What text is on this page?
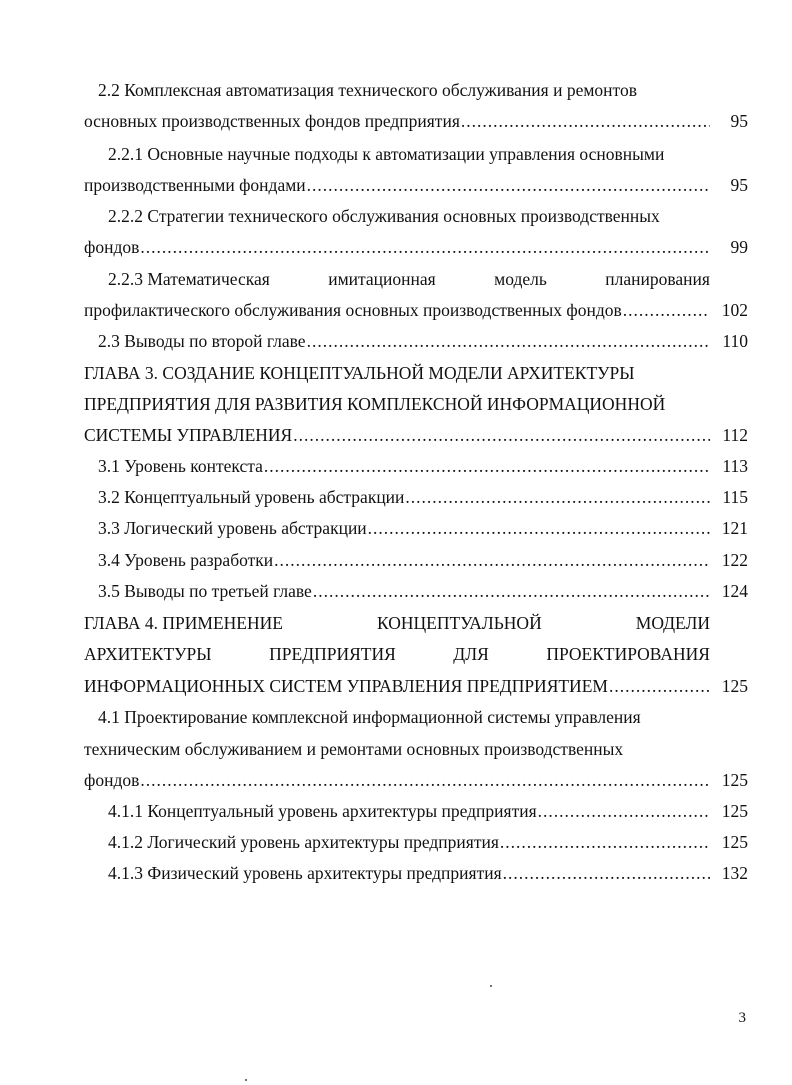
2.2 Комплексная автоматизация технического обслуживания и ремонтов
основных производственных фондов предприятия .....	95
2.2.1 Основные научные подходы к автоматизации управления основными
производственными фондами .....	95
2.2.2 Стратегии технического обслуживания основных производственных
фондов .....	99
2.2.3 Математическая	имитационная	модель	планирования
профилактического обслуживания основных производственных фондов .....	102
2.3 Выводы по второй главе .....	110
ГЛАВА 3. СОЗДАНИЕ КОНЦЕПТУАЛЬНОЙ МОДЕЛИ АРХИТЕКТУРЫ
ПРЕДПРИЯТИЯ ДЛЯ РАЗВИТИЯ КОМПЛЕКСНОЙ ИНФОРМАЦИОННОЙ
СИСТЕМЫ УПРАВЛЕНИЯ .....	112
3.1 Уровень контекста .....	113
3.2 Концептуальный уровень абстракции .....	115
3.3 Логический уровень абстракции .....	121
3.4 Уровень разработки .....	122
3.5 Выводы по третьей главе .....	124
ГЛАВА 4. ПРИМЕНЕНИЕ	КОНЦЕПТУАЛЬНОЙ	МОДЕЛИ
АРХИТЕКТУРЫ	ПРЕДПРИЯТИЯ	ДЛЯ	ПРОЕКТИРОВАНИЯ
ИНФОРМАЦИОННЫХ СИСТЕМ УПРАВЛЕНИЯ ПРЕДПРИЯТИЕМ .....	125
4.1 Проектирование комплексной информационной системы управления
техническим обслуживанием и ремонтами основных производственных
фондов .....	125
4.1.1 Концептуальный уровень архитектуры предприятия .....	125
4.1.2 Логический уровень архитектуры предприятия .....	125
4.1.3 Физический уровень архитектуры предприятия .....	132
3
